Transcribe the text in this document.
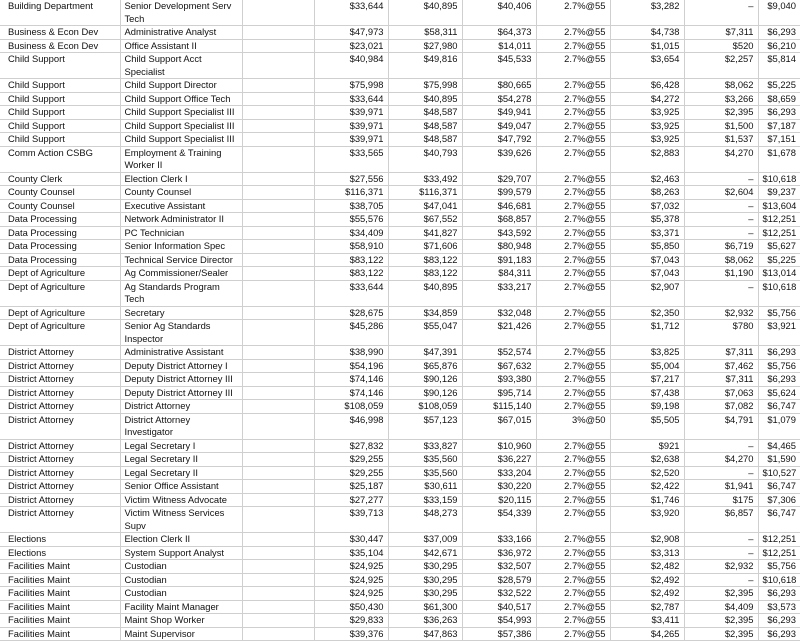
Building Department	Senior Development Serv Tech		$33,644	$40,895	$40,406	2.7%@55	$3,282	–	$9,040
Business & Econ Dev	Administrative Analyst		$47,973	$58,311	$64,373	2.7%@55	$4,738	$7,311	$6,293
Business & Econ Dev	Office Assistant II		$23,021	$27,980	$14,011	2.7%@55	$1,015	$520	$6,210
Child Support	Child Support Acct Specialist		$40,984	$49,816	$45,533	2.7%@55	$3,654	$2,257	$5,814
Child Support	Child Support Director		$75,998	$75,998	$80,665	2.7%@55	$6,428	$8,062	$5,225
Child Support	Child Support Office Tech		$33,644	$40,895	$54,278	2.7%@55	$4,272	$3,266	$8,659
Child Support	Child Support Specialist III		$39,971	$48,587	$49,941	2.7%@55	$3,925	$2,395	$6,293
Child Support	Child Support Specialist III		$39,971	$48,587	$49,047	2.7%@55	$3,925	$1,500	$7,187
Child Support	Child Support Specialist III		$39,971	$48,587	$47,792	2.7%@55	$3,925	$1,537	$7,151
Comm Action CSBG	Employment & Training Worker II		$33,565	$40,793	$39,626	2.7%@55	$2,883	$4,270	$1,678
County Clerk	Election Clerk I		$27,556	$33,492	$29,707	2.7%@55	$2,463	–	$10,618
County Counsel	County Counsel		$116,371	$116,371	$99,579	2.7%@55	$8,263	$2,604	$9,237
County Counsel	Executive Assistant		$38,705	$47,041	$46,681	2.7%@55	$7,032	–	$13,604
Data Processing	Network Administrator II		$55,576	$67,552	$68,857	2.7%@55	$5,378	–	$12,251
Data Processing	PC Technician		$34,409	$41,827	$43,592	2.7%@55	$3,371	–	$12,251
Data Processing	Senior Information Spec		$58,910	$71,606	$80,948	2.7%@55	$5,850	$6,719	$5,627
Data Processing	Technical Service Director		$83,122	$83,122	$91,183	2.7%@55	$7,043	$8,062	$5,225
Dept of Agriculture	Ag Commissioner/Sealer		$83,122	$83,122	$84,311	2.7%@55	$7,043	$1,190	$13,014
Dept of Agriculture	Ag Standards Program Tech		$33,644	$40,895	$33,217	2.7%@55	$2,907	–	$10,618
Dept of Agriculture	Secretary		$28,675	$34,859	$32,048	2.7%@55	$2,350	$2,932	$5,756
Dept of Agriculture	Senior Ag Standards Inspector		$45,286	$55,047	$21,426	2.7%@55	$1,712	$780	$3,921
District Attorney	Administrative Assistant		$38,990	$47,391	$52,574	2.7%@55	$3,825	$7,311	$6,293
District Attorney	Deputy District Attorney I		$54,196	$65,876	$67,632	2.7%@55	$5,004	$7,462	$5,756
District Attorney	Deputy District Attorney III		$74,146	$90,126	$93,380	2.7%@55	$7,217	$7,311	$6,293
District Attorney	Deputy District Attorney III		$74,146	$90,126	$95,714	2.7%@55	$7,438	$7,063	$5,624
District Attorney	District Attorney		$108,059	$108,059	$115,140	2.7%@55	$9,198	$7,082	$6,747
District Attorney	District Attorney Investigator		$46,998	$57,123	$67,015	3%@50	$5,505	$4,791	$1,079
District Attorney	Legal Secretary I		$27,832	$33,827	$10,960	2.7%@55	$921	–	$4,465
District Attorney	Legal Secretary II		$29,255	$35,560	$36,227	2.7%@55	$2,638	$4,270	$1,590
District Attorney	Legal Secretary II		$29,255	$35,560	$33,204	2.7%@55	$2,520	–	$10,527
District Attorney	Senior Office Assistant		$25,187	$30,611	$30,220	2.7%@55	$2,422	$1,941	$6,747
District Attorney	Victim Witness Advocate		$27,277	$33,159	$20,115	2.7%@55	$1,746	$175	$7,306
District Attorney	Victim Witness Services Supv		$39,713	$48,273	$54,339	2.7%@55	$3,920	$6,857	$6,747
Elections	Election Clerk II		$30,447	$37,009	$33,166	2.7%@55	$2,908	–	$12,251
Elections	System Support Analyst		$35,104	$42,671	$36,972	2.7%@55	$3,313	–	$12,251
Facilities Maint	Custodian		$24,925	$30,295	$32,507	2.7%@55	$2,482	$2,932	$5,756
Facilities Maint	Custodian		$24,925	$30,295	$28,579	2.7%@55	$2,492	–	$10,618
Facilities Maint	Custodian		$24,925	$30,295	$32,522	2.7%@55	$2,492	$2,395	$6,293
Facilities Maint	Facility Maint Manager		$50,430	$61,300	$40,517	2.7%@55	$2,787	$4,409	$3,573
Facilities Maint	Maint Shop Worker		$29,833	$36,263	$54,993	2.7%@55	$3,411	$2,395	$6,293
Facilities Maint	Maint Supervisor		$39,376	$47,863	$57,386	2.7%@55	$4,265	$2,395	$6,293
